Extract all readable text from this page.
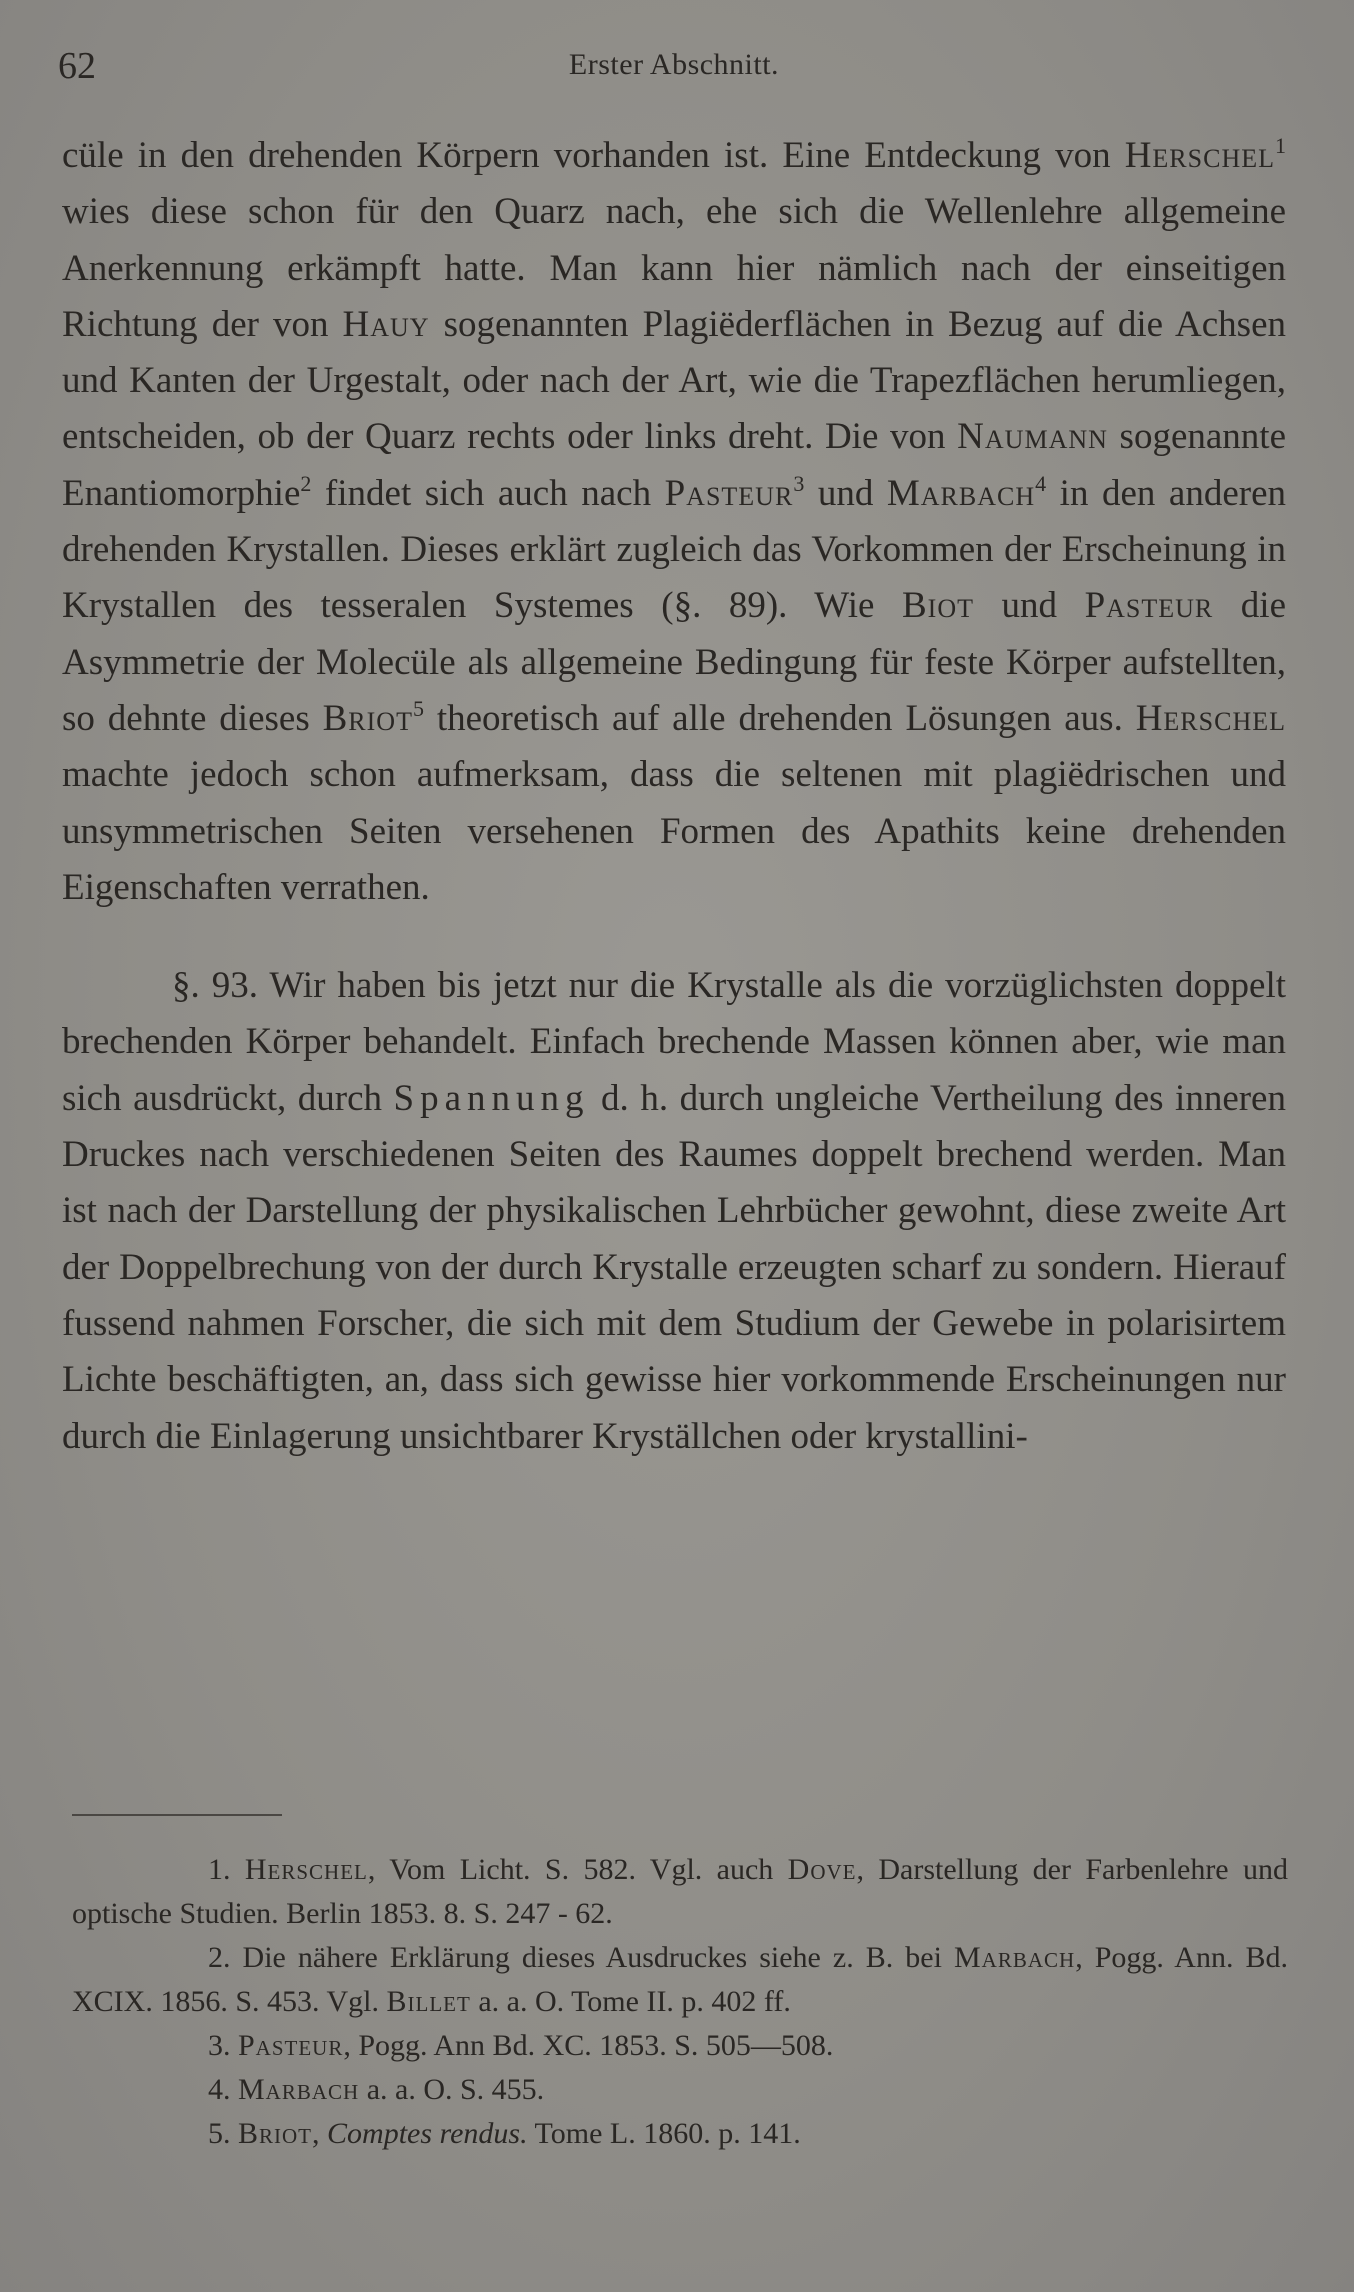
62	Erster Abschnitt.

cüle in den drehenden Körpern vorhanden ist. Eine Entdeckung von Herschel$^1$ wies diese schon für den Quarz nach, ehe sich die Wellenlehre allgemeine Anerkennung erkämpft hatte. Man kann hier nämlich nach der einseitigen Richtung der von Hauy sogenannten Plagiëderflächen in Bezug auf die Achsen und Kanten der Urgestalt, oder nach der Art, wie die Trapezflächen herumliegen, entscheiden, ob der Quarz rechts oder links dreht. Die von Naumann sogenannte Enantiomorphie$^2$ findet sich auch nach Pasteur$^3$ und Marbach$^4$ in den anderen drehenden Krystallen. Dieses erklärt zugleich das Vorkommen der Erscheinung in Krystallen des tesseralen Systemes (§. 89). Wie Biot und Pasteur die Asymmetrie der Molecüle als allgemeine Bedingung für feste Körper aufstellten, so dehnte dieses Briot$^5$ theoretisch auf alle drehenden Lösungen aus. Herschel machte jedoch schon aufmerksam, dass die seltenen mit plagiëdrischen und unsymmetrischen Seiten versehenen Formen des Apathits keine drehenden Eigenschaften verrathen.

§. 93. Wir haben bis jetzt nur die Krystalle als die vorzüglichsten doppelt brechenden Körper behandelt. Einfach brechende Massen können aber, wie man sich ausdrückt, durch Spannung d. h. durch ungleiche Vertheilung des inneren Druckes nach verschiedenen Seiten des Raumes doppelt brechend werden. Man ist nach der Darstellung der physikalischen Lehrbücher gewohnt, diese zweite Art der Doppelbrechung von der durch Krystalle erzeugten scharf zu sondern. Hierauf fussend nahmen Forscher, die sich mit dem Studium der Gewebe in polarisirtem Lichte beschäftigten, an, dass sich gewisse hier vorkommende Erscheinungen nur durch die Einlagerung unsichtbarer Kryställchen oder krystallini-

1. Herschel, Vom Licht. S. 582. Vgl. auch Dove, Darstellung der Farbenlehre und optische Studien. Berlin 1853. 8. S. 247 - 62.

2. Die nähere Erklärung dieses Ausdruckes siehe z. B. bei Marbach, Pogg. Ann. Bd. XCIX. 1856. S. 453. Vgl. Billet a. a. O. Tome II. p. 402 ff.

3. Pasteur, Pogg. Ann Bd. XC. 1853. S. 505—508.

4. Marbach a. a. O. S. 455.

5. Briot, Comptes rendus. Tome L. 1860. p. 141.
